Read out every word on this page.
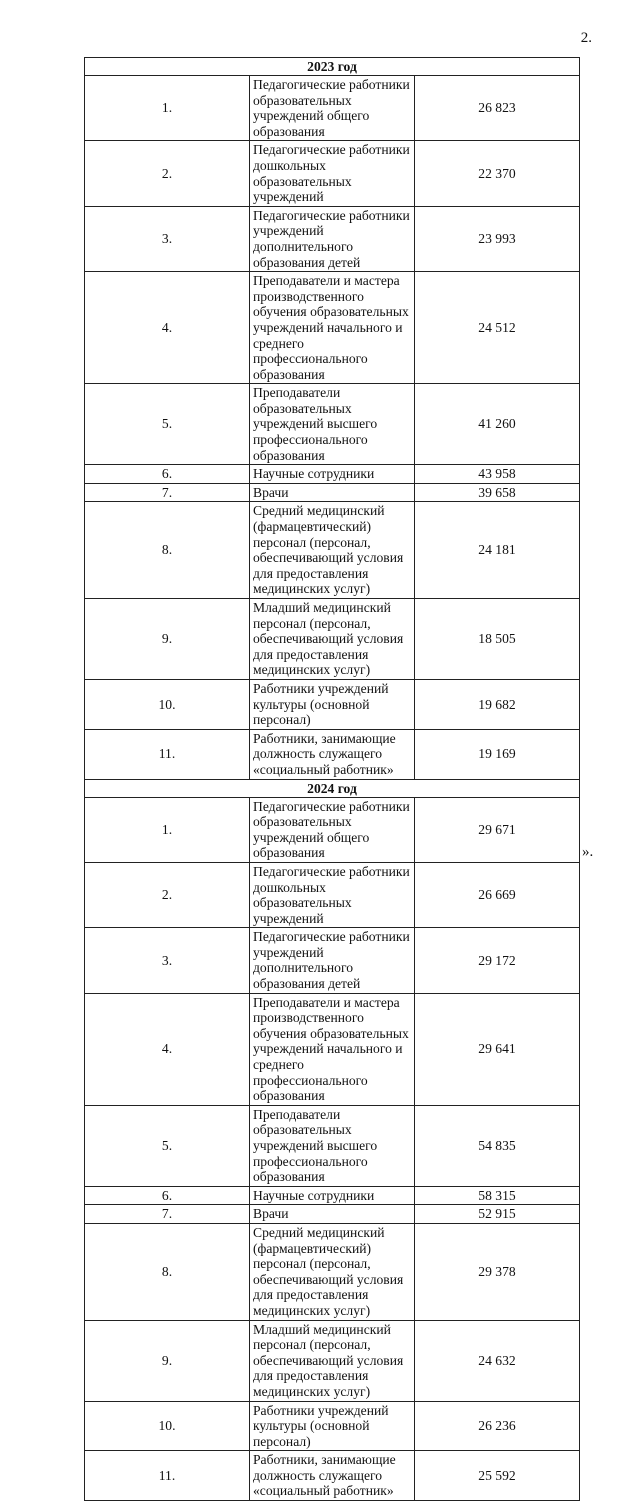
2.
2023 год		
1.	Педагогические работники образовательных учреждений общего образования	26 823
2.	Педагогические работники дошкольных образовательных учреждений	22 370
3.	Педагогические работники учреждений дополнительного образования детей	23 993
4.	Преподаватели и мастера производственного обучения образовательных учреждений начального и среднего профессионального образования	24 512
5.	Преподаватели образовательных учреждений высшего профессионального образования	41 260
6.	Научные сотрудники	43 958
7.	Врачи	39 658
8.	Средний медицинский (фармацевтический) персонал (персонал, обеспечивающий условия для предоставления медицинских услуг)	24 181
9.	Младший медицинский персонал (персонал, обеспечивающий условия для предоставления медицинских услуг)	18 505
10.	Работники учреждений культуры (основной персонал)	19 682
11.	Работники, занимающие должность служащего «социальный работник»	19 169
2024 год		
1.	Педагогические работники образовательных учреждений общего образования	29 671
2.	Педагогические работники дошкольных образовательных учреждений	26 669
3.	Педагогические работники учреждений дополнительного образования детей	29 172
4.	Преподаватели и мастера производственного обучения образовательных учреждений начального и среднего профессионального образования	29 641
5.	Преподаватели образовательных учреждений высшего профессионального образования	54 835
6.	Научные сотрудники	58 315
7.	Врачи	52 915
8.	Средний медицинский (фармацевтический) персонал (персонал, обеспечивающий условия для предоставления медицинских услуг)	29 378
9.	Младший медицинский персонал (персонал, обеспечивающий условия для предоставления медицинских услуг)	24 632
10.	Работники учреждений культуры (основной персонал)	26 236
11.	Работники, занимающие должность служащего «социальный работник»	25 592
».
